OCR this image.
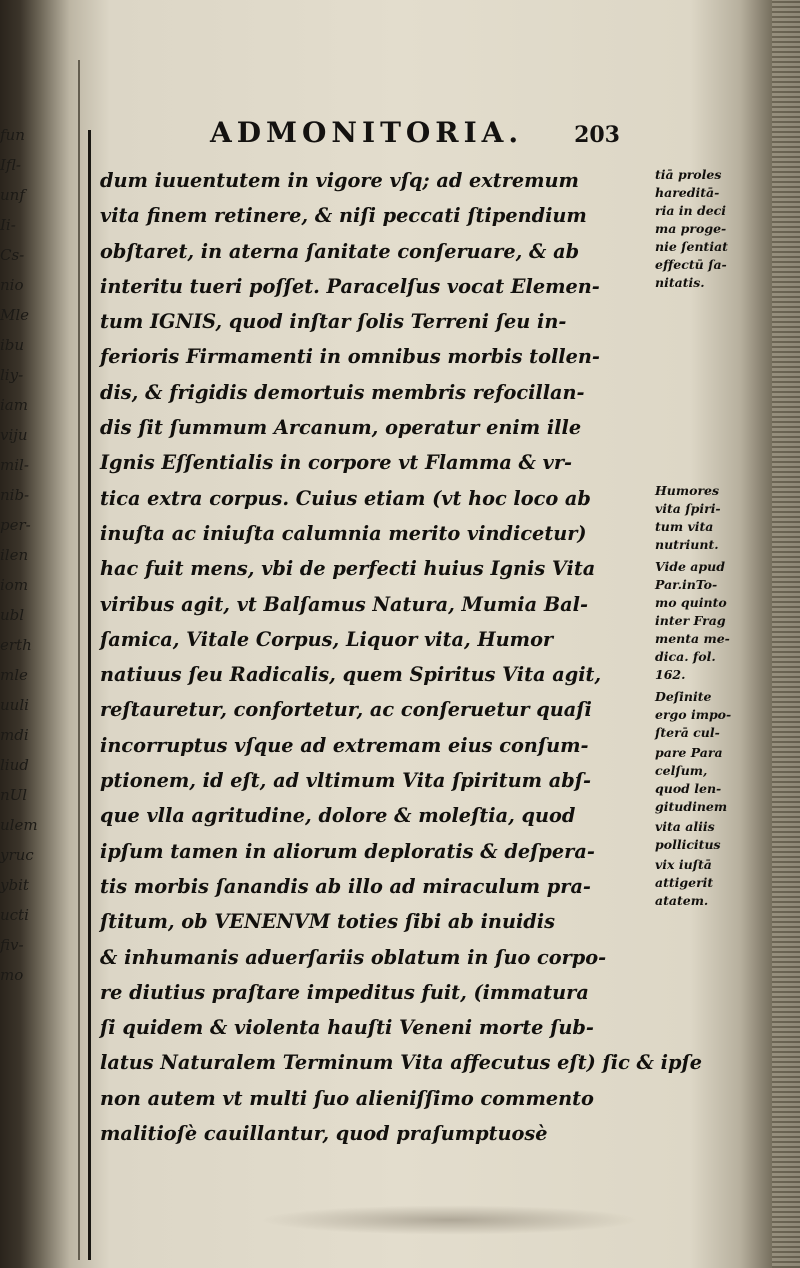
fun
Ifl-
unf
Ii-
Cs-
nio
Mle
ibu
liy-
iam
viju
mil-
nib-
per-
ilen
iom
ubl
erth
mle
uuli
mdi
liud
nUl
ulem
yruc
ybit
ucti
fiv-
mo
ADMONITORIA. 203
dum iuuentutem in vigore vſq; ad extremum
vita finem retinere, & niſi peccati ſtipendium
obſtaret, in aterna ſanitate conſeruare, & ab
interitu tueri poſſet. Paracelſus vocat Elemen-
tum IGNIS, quod inſtar ſolis Terreni ſeu in-
ferioris Firmamenti in omnibus morbis tollen-
dis, & frigidis demortuis membris refocillan-
dis ſit ſummum Arcanum, operatur enim ille
Ignis Eſſentialis in corpore vt Flamma & vr-
tica extra corpus. Cuius etiam (vt hoc loco ab
inuſta ac iniuſta calumnia merito vindicetur)
hac fuit mens, vbi de perfecti huius Ignis Vita
viribus agit, vt Balſamus Natura, Mumia Bal-
ſamica, Vitale Corpus, Liquor vita, Humor
natiuus ſeu Radicalis, quem Spiritus Vita agit,
reſtauretur, confortetur, ac conſeruetur quaſi
incorruptus vſque ad extremam eius conſum-
ptionem, id eſt, ad vltimum Vita ſpiritum abſ-
que vlla agritudine, dolore & moleſtia, quod
ipſum tamen in aliorum deploratis & deſpera-
tis morbis ſanandis ab illo ad miraculum pra-
ſtitum, ob VENENVM toties ſibi ab inuidis
& inhumanis aduerſariis oblatum in ſuo corpo-
re diutius praſtare impeditus fuit, (immatura
ſi quidem & violenta hauſti Veneni morte ſub-
latus Naturalem Terminum Vita affecutus eſt) ſic & ipſe
non autem vt multi ſuo alieniſſimo commento
malitioſè cauillantur, quod praſumptuosè
tiā proles
hareditā-
ria in deci
ma proge-
nie ſentiat
effectū ſa-
nitatis.
Humores
vita ſpiri-
tum vita
nutriunt.
Vide apud
Par.inTo-
mo quinto
inter Frag
menta me-
dica. fol.
162.
Deſinite
ergo impo-
ſterā cul-
pare Para
celſum,
quod len-
gitudinem
vita aliis
pollicitus
vix iuſtā
attigerit
atatem.
